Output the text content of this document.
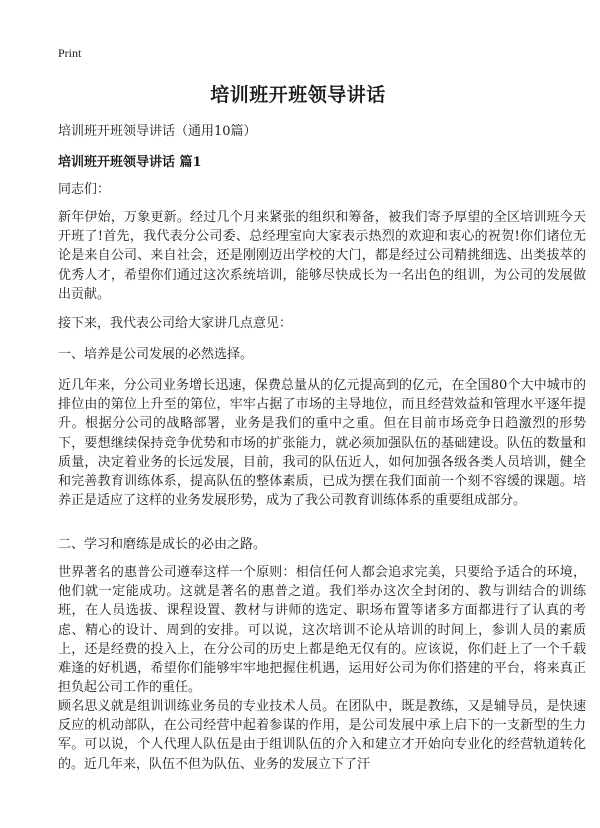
Print
培训班开班领导讲话

培训班开班领导讲话（通用10篇）

培训班开班领导讲话 篇1

同志们：

新年伊始，万象更新。经过几个月来紧张的组织和筹备，被我们寄予厚望的全区培训班今天开班了!首先，我代表分公司委、总经理室向大家表示热烈的欢迎和衷心的祝贺!你们诸位无论是来自公司、来自社会，还是刚刚迈出学校的大门，都是经过公司精挑细选、出类拔萃的优秀人才，希望你们通过这次系统培训，能够尽快成长为一名出色的组训，为公司的发展做出贡献。

接下来，我代表公司给大家讲几点意见：

一、培养是公司发展的必然选择。

近几年来，分公司业务增长迅速，保费总量从的亿元提高到的亿元，在全国80个大中城市的排位由的第位上升至的第位，牢牢占据了市场的主导地位，而且经营效益和管理水平逐年提升。根据分公司的战略部署，业务是我们的重中之重。但在目前市场竞争日趋激烈的形势下，要想继续保持竞争优势和市场的扩张能力，就必须加强队伍的基础建设。队伍的数量和质量，决定着业务的长远发展，目前，我司的队伍近人，如何加强各级各类人员培训，健全和完善教育训练体系，提高队伍的整体素质，已成为摆在我们面前一个刻不容缓的课题。培养正是适应了这样的业务发展形势，成为了我公司教育训练体系的重要组成部分。

二、学习和磨练是成长的必由之路。

世界著名的惠普公司遵奉这样一个原则：相信任何人都会追求完美，只要给予适合的环境，他们就一定能成功。这就是著名的惠普之道。我们举办这次全封闭的、教与训结合的训练班，在人员选拔、课程设置、教材与讲师的选定、职场布置等诸多方面都进行了认真的考虑、精心的设计、周到的安排。可以说，这次培训不论从培训的时间上，参训人员的素质上，还是经费的投入上，在分公司的历史上都是绝无仅有的。应该说，你们赶上了一个千载难逢的好机遇，希望你们能够牢牢地把握住机遇，运用好公司为你们搭建的平台，将来真正担负起公司工作的重任。

顾名思义就是组训训练业务员的专业技术人员。在团队中，既是教练，又是辅导员，是快速反应的机动部队，在公司经营中起着参谋的作用，是公司发展中承上启下的一支新型的生力军。可以说，个人代理人队伍是由于组训队伍的介入和建立才开始向专业化的经营轨道转化的。近几年来，队伍不但为队伍、业务的发展立下了汗
